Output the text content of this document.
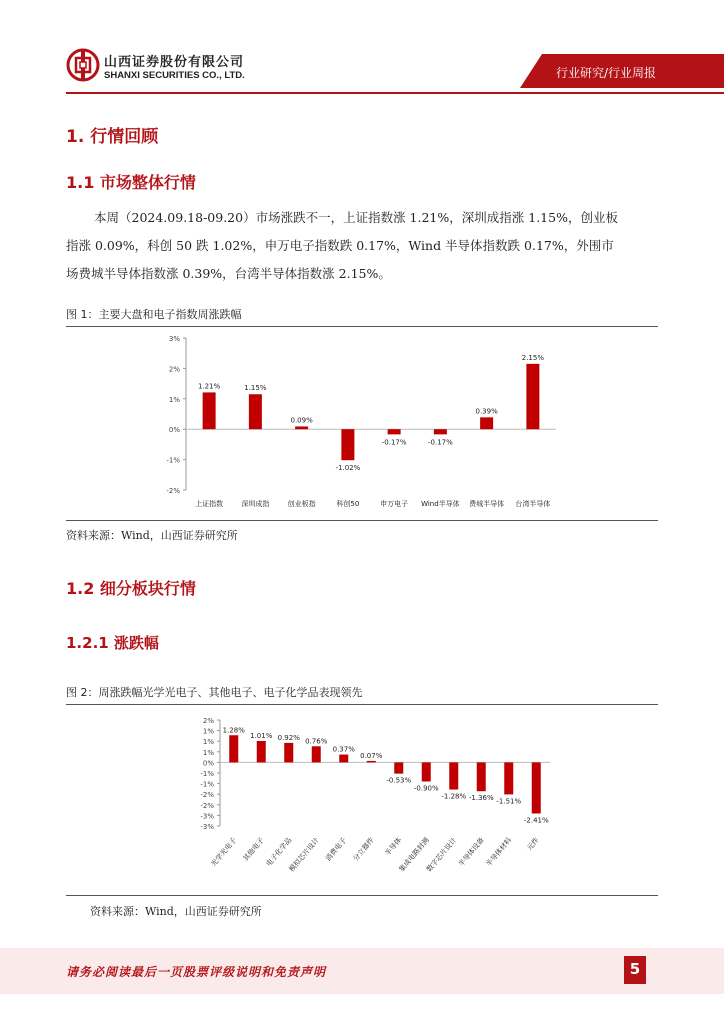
山西证券股份有限公司
SHANXI SECURITIES CO., LTD.	行业研究/行业周报
1. 行情回顾
1.1 市场整体行情
本周（2024.09.18-09.20）市场涨跌不一，上证指数涨 1.21%，深圳成指涨 1.15%，创业板
指涨 0.09%，科创 50 跌 1.02%，申万电子指数跌 0.17%，Wind 半导体指数跌 0.17%，外围市
场费城半导体指数涨 0.39%，台湾半导体指数涨 2.15%。
图 1：主要大盘和电子指数周涨跌幅
3%
2%
1%
0%
-1%
-2%
1.21%
上证指数
1.15%
深圳成指
0.09%
创业板指
-1.02%
科创50
-0.17%
申万电子
-0.17%
Wind半导体
0.39%
费城半导体
2.15%
台湾半导体
资料来源：Wind，山西证券研究所
1.2 细分板块行情
1.2.1 涨跌幅
图 2：周涨跌幅光学光电子、其他电子、电子化学品表现领先
2%
1%
1%
1%
0%
-1%
-1%
-2%
-2%
-3%
-3%
1.28%
光学光电子
1.01%
其他电子
0.92%
电子化学品
0.76%
模拟芯片设计
0.37%
消费电子
0.07%
分立器件
-0.53%
半导体
-0.90%
集成电路封测
-1.28%
数字芯片设计
-1.36%
半导体设备
-1.51%
半导体材料
-2.41%
元件
资料来源：Wind，山西证券研究所
请务必阅读最后一页股票评级说明和免责声明	5
